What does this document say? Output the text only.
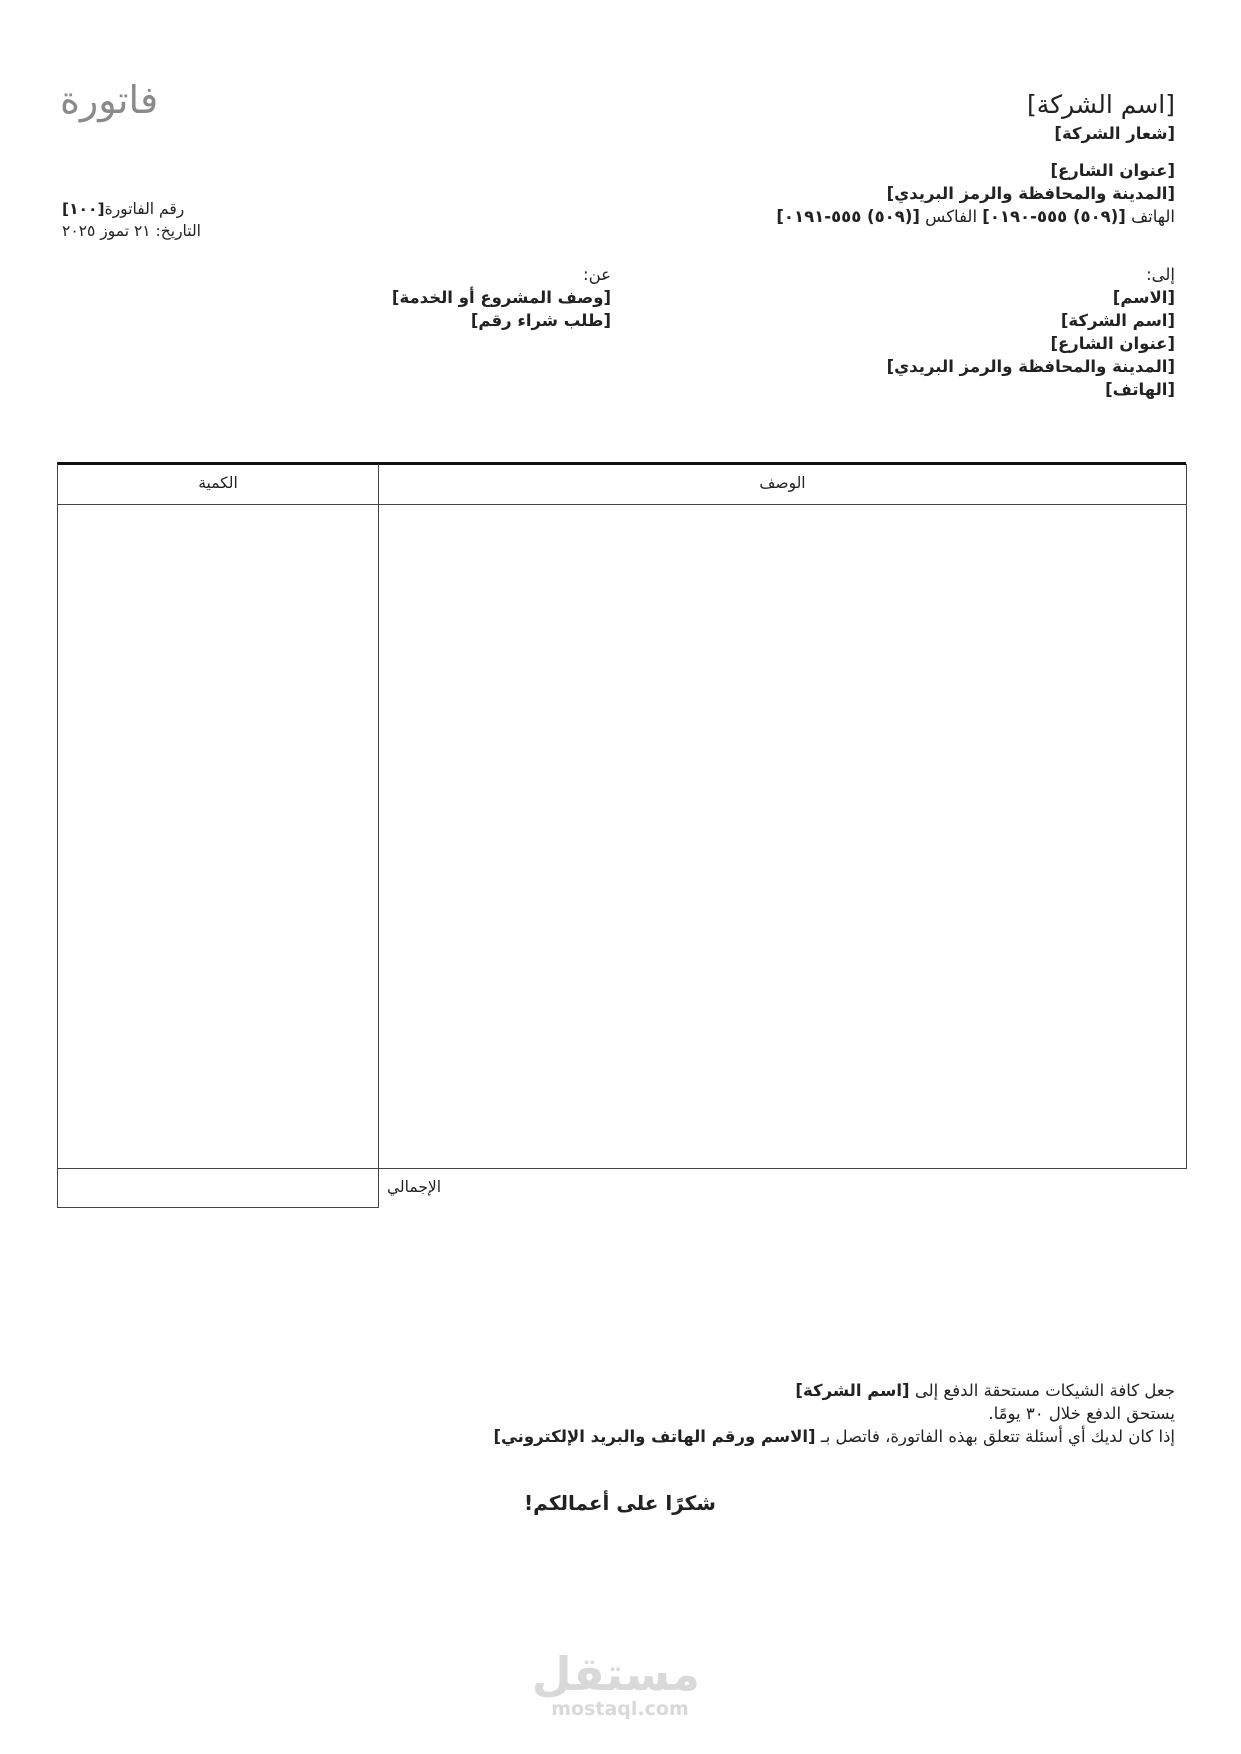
فاتورة	[اسم الشركة]
[شعار الشركة]
[عنوان الشارع]
[المدينة والمحافظة والرمز البريدي]
الهاتف [(٥٠٩) ٥٥٥-٠١٩٠] الفاكس [(٥٠٩) ٥٥٥-٠١٩١]
رقم الفاتورة[١٠٠]
التاريخ: ٢١ تموز ٢٠٢٥
إلى:
[الاسم]
[اسم الشركة]
[عنوان الشارع]
[المدينة والمحافظة والرمز البريدي]
[الهاتف]
عن:
[وصف المشروع أو الخدمة]
[طلب شراء رقم]
الوصف
الكمية
الإجمالي
جعل كافة الشيكات مستحقة الدفع إلى [اسم الشركة]
يستحق الدفع خلال ٣٠ يومًا.
إذا كان لديك أي أسئلة تتعلق بهذه الفاتورة، فاتصل بـ [الاسم ورقم الهاتف والبريد الإلكتروني]
شكرًا على أعمالكم!
مستقل
mostaql.com
